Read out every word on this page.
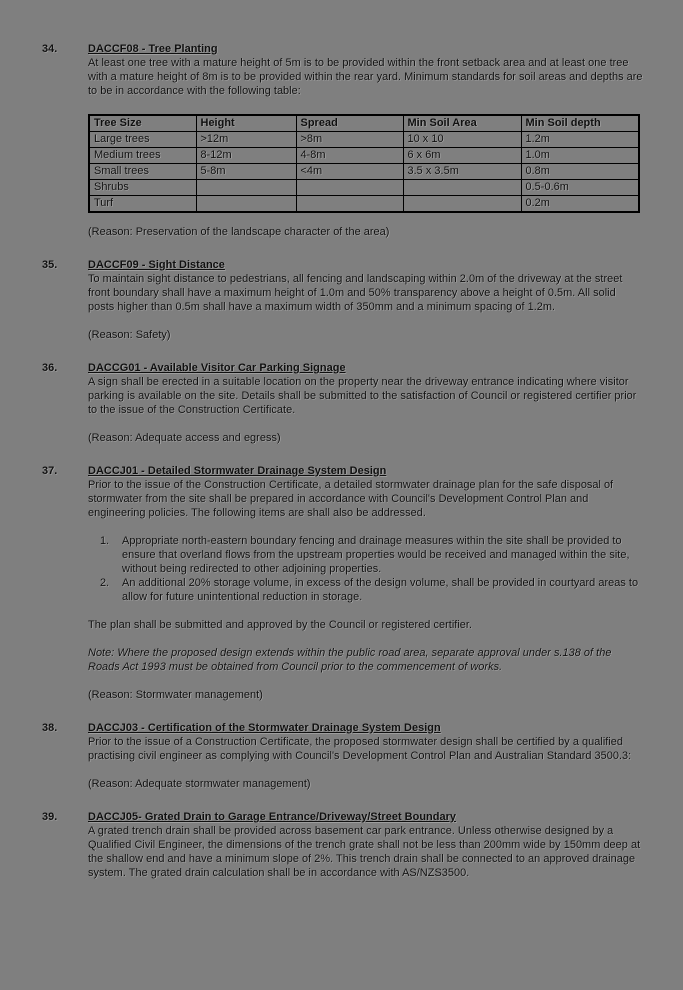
34.	DACCF08 - Tree Planting

At least one tree with a mature height of 5m is to be provided within the front setback area and at least one tree with a mature height of 8m is to be provided within the rear yard. Minimum standards for soil areas and depths are to be in accordance with the following table:

Tree Size	Height	Spread	Min Soil Area	Min Soil depth
Large trees	>12m	>8m	10 x 10	1.2m
Medium trees	8-12m	4-8m	6 x 6m	1.0m
Small trees	5-8m	<4m	3.5 x 3.5m	0.8m
Shrubs				0.5-0.6m
Turf				0.2m

(Reason: Preservation of the landscape character of the area)

35.	DACCF09 - Sight Distance

To maintain sight distance to pedestrians, all fencing and landscaping within 2.0m of the driveway at the street front boundary shall have a maximum height of 1.0m and 50% transparency above a height of 0.5m. All solid posts higher than 0.5m shall have a maximum width of 350mm and a minimum spacing of 1.2m.

(Reason: Safety)

36.	DACCG01 - Available Visitor Car Parking Signage

A sign shall be erected in a suitable location on the property near the driveway entrance indicating where visitor parking is available on the site. Details shall be submitted to the satisfaction of Council or registered certifier prior to the issue of the Construction Certificate.

(Reason: Adequate access and egress)

37.	DACCJ01 - Detailed Stormwater Drainage System Design

Prior to the issue of the Construction Certificate, a detailed stormwater drainage plan for the safe disposal of stormwater from the site shall be prepared in accordance with Council's Development Control Plan and engineering policies. The following items are shall also be addressed.

1.	Appropriate north-eastern boundary fencing and drainage measures within the site shall be provided to ensure that overland flows from the upstream properties would be received and managed within the site, without being redirected to other adjoining properties.
2.	An additional 20% storage volume, in excess of the design volume, shall be provided in courtyard areas to allow for future unintentional reduction in storage.

The plan shall be submitted and approved by the Council or registered certifier.

Note: Where the proposed design extends within the public road area, separate approval under s.138 of the Roads Act 1993 must be obtained from Council prior to the commencement of works.

(Reason: Stormwater management)

38.	DACCJ03 - Certification of the Stormwater Drainage System Design

Prior to the issue of a Construction Certificate, the proposed stormwater design shall be certified by a qualified practising civil engineer as complying with Council's Development Control Plan and Australian Standard 3500.3:

(Reason: Adequate stormwater management)

39.	DACCJ05- Grated Drain to Garage Entrance/Driveway/Street Boundary

A grated trench drain shall be provided across basement car park entrance. Unless otherwise designed by a Qualified Civil Engineer, the dimensions of the trench grate shall not be less than 200mm wide by 150mm deep at the shallow end and have a minimum slope of 2%. This trench drain shall be connected to an approved drainage system. The grated drain calculation shall be in accordance with AS/NZS3500.
